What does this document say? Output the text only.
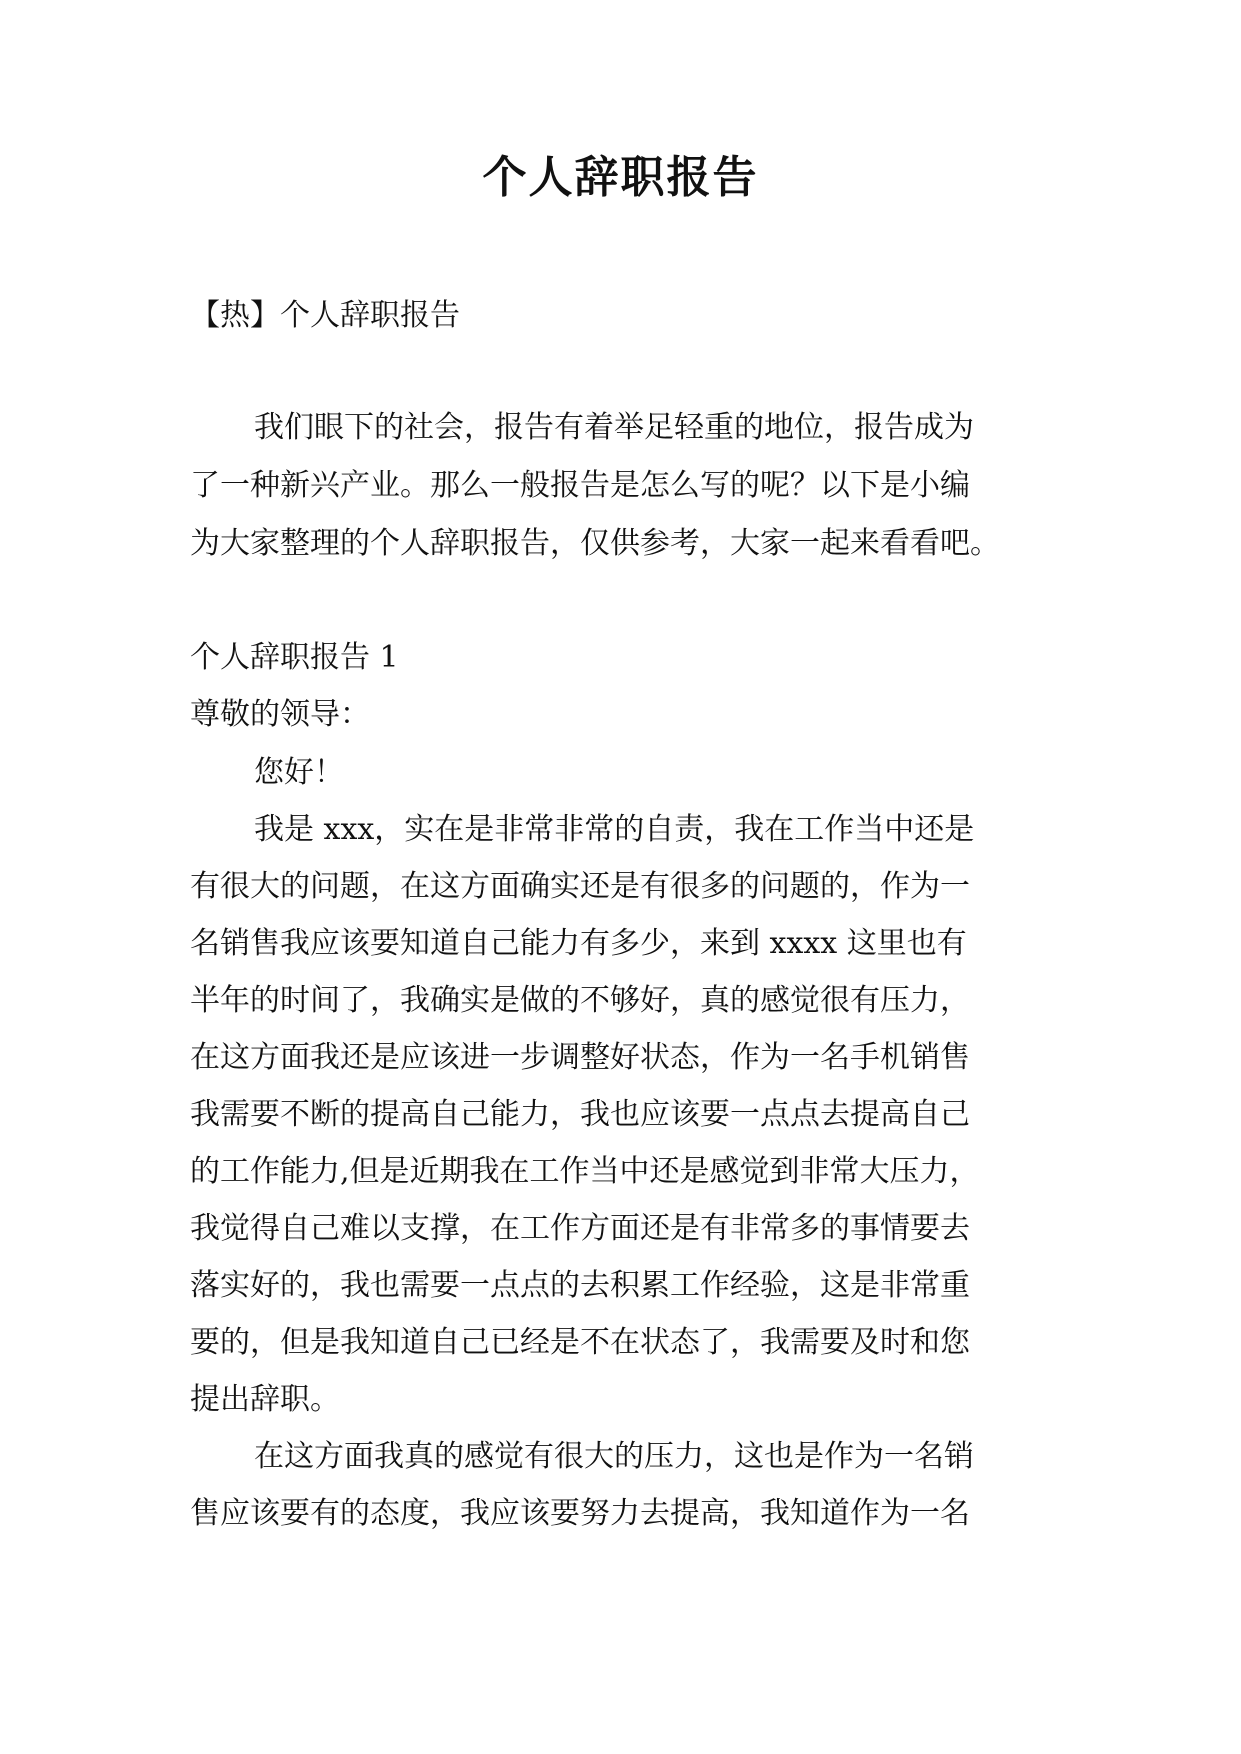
个人辞职报告

【热】个人辞职报告

我们眼下的社会，报告有着举足轻重的地位，报告成为

了一种新兴产业。那么一般报告是怎么写的呢？以下是小编

为大家整理的个人辞职报告，仅供参考，大家一起来看看吧。

个人辞职报告 1

尊敬的领导：

您好！

我是 xxx，实在是非常非常的自责，我在工作当中还是

有很大的问题，在这方面确实还是有很多的问题的，作为一

名销售我应该要知道自己能力有多少，来到 xxxx 这里也有

半年的时间了，我确实是做的不够好，真的感觉很有压力，

在这方面我还是应该进一步调整好状态，作为一名手机销售

我需要不断的提高自己能力，我也应该要一点点去提高自己

的工作能力,但是近期我在工作当中还是感觉到非常大压力，

我觉得自己难以支撑，在工作方面还是有非常多的事情要去

落实好的，我也需要一点点的去积累工作经验，这是非常重

要的，但是我知道自己已经是不在状态了，我需要及时和您

提出辞职。

在这方面我真的感觉有很大的压力，这也是作为一名销

售应该要有的态度，我应该要努力去提高，我知道作为一名
